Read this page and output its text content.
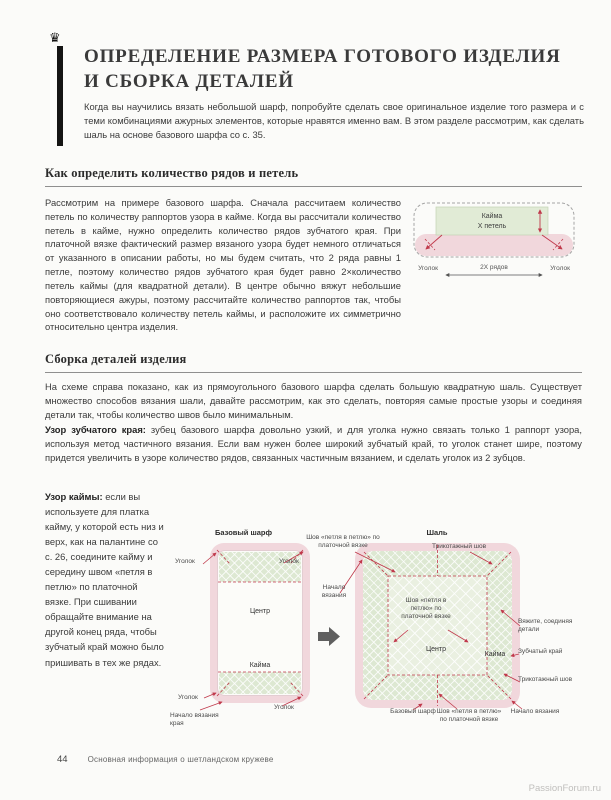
♛
ОПРЕДЕЛЕНИЕ РАЗМЕРА ГОТОВОГО ИЗДЕЛИЯ
И СБОРКА ДЕТАЛЕЙ

Когда вы научились вязать небольшой шарф, попробуйте сделать свое оригинальное изделие того размера и с теми комбинациями ажурных элементов, которые нравятся именно вам. В этом разделе рассмотрим, как сделать шаль на основе базового шарфа со с. 35.

Как определить количество рядов и петель

Рассмотрим на примере базового шарфа. Сначала рассчитаем количество петель по количеству раппортов узора в кайме. Когда вы рассчитали количество петель в кайме, нужно определить количество рядов зубчатого края. При платочной вязке фактический размер вязаного узора будет немного отличаться от указанного в описании работы, но мы будем считать, что 2 ряда равны 1 петле, поэтому количество рядов зубчатого края будет равно 2×количество петель каймы (для квадратной детали). В центре обычно вяжут небольшие повторяющиеся ажуры, поэтому рассчитайте количество раппортов так, чтобы оно соответствовало количеству петель каймы, и расположите их симметрично относительно центра изделия.

Кайма
X петель
Уголок	2X рядов	Уголок
Сборка деталей изделия

На схеме справа показано, как из прямоугольного базового шарфа сделать большую квадратную шаль. Существует множество способов вязания шали, давайте рассмотрим, как это сделать, повторяя самые простые узоры и соединяя детали так, чтобы количество швов было минимальным.

Узор зубчатого края: зубец базового шарфа довольно узкий, и для уголка нужно связать только 1 раппорт узора, используя метод частичного вязания. Если вам нужен более широкий зубчатый край, то уголок станет шире, поэтому придется увеличить в узоре количество рядов, связанных частичным вязанием, и сделать уголок из 2 зубцов.

Узор каймы: если вы используете для платка кайму, у которой есть низ и верх, как на палантине со с. 26, соедините кайму и середину швом «петля в петлю» по платочной вязке. При сшивании обращайте внимание на другой конец ряда, чтобы зубчатый край можно было пришивать в тех же рядах.

Базовый шарф	Шаль
Шов «петля в петлю» по платочной вязке	Трикотажный шов
Уголок	Уголок
Начало вязания
Шов «петля в петлю» по платочной вязке
Вяжите, соединяя детали
Зубчатый край
Кайма
Центр
Трикотажный шов
Базовый шарф Шов «петля в петлю» по платочной вязке
Начало вязания
Уголок
Уголок
Начало вязания края
Центр
Кайма
44	Основная информация о шетландском кружеве
PassionForum.ru
